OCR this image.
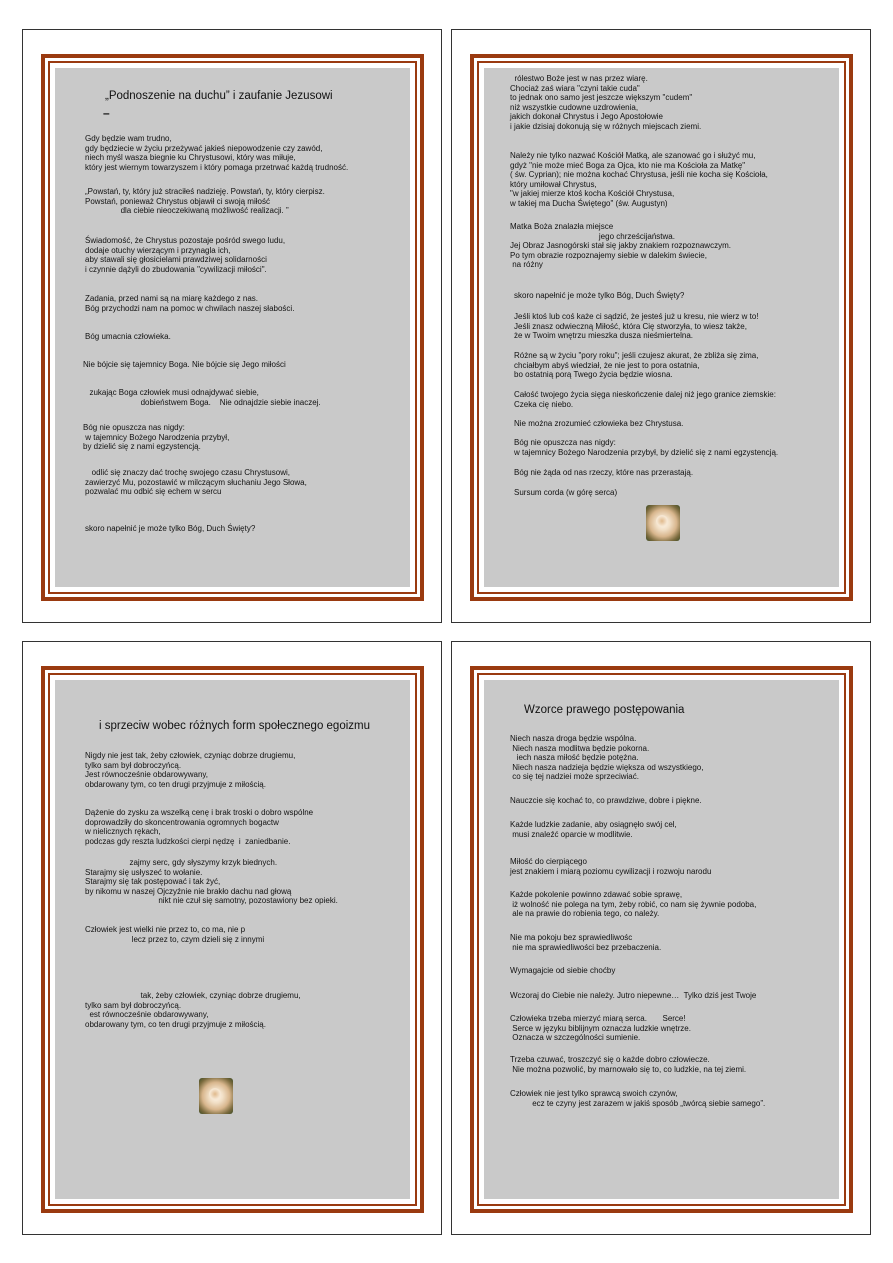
„Podnoszenie na duchu” i zaufanie Jezusowi
–
Gdy będzie wam trudno,
gdy będziecie w życiu przeżywać jakieś niepowodzenie czy zawód,
niech myśl wasza biegnie ku Chrystusowi, który was miłuje,
który jest wiernym towarzyszem i który pomaga przetrwać każdą trudność.
„Powstań, ty, który już straciłeś nadzieję. Powstań, ty, który cierpisz.
Powstań, ponieważ Chrystus objawił ci swoją miłość
dla ciebie nieoczekiwaną możliwość realizacji. ”
Świadomość, że Chrystus pozostaje pośród swego ludu,
dodaje otuchy wierzącym i przynaglа ich,
aby stawali się głosicielami prawdziwej solidarności
i czynnie dążyli do zbudowania "cywilizacji miłości".
Zadania, przed nami są na miarę każdego z nas.
Bóg przychodzi nam na pomoc w chwilach naszej słabości.
Bóg umacnia człowieka.
Nie bójcie się tajemnicy Boga. Nie bójcie się Jego miłości
zukając Boga człowiek musi odnajdywać siebie,
dobieństwem Boga.    Nie odnajdzie siebie inaczej.
Bóg nie opuszcza nas nigdy:
w tajemnicy Bożego Narodzenia przybył,
by dzielić się z nami egzystencją.
odlić się znaczy dać trochę swojego czasu Chrystusowi,
zawierzyć Mu, pozostawić w milczącym słuchaniu Jego Słowa,
pozwalać mu odbić się echem w sercu
skoro napełnić je może tylko Bóg, Duch Święty?
rólestwo Boże jest w nas przez wiarę.
Chociaż zaś wiara "czyni takie cuda"
to jednak ono samo jest jeszcze większym "cudem"
niż wszystkie cudowne uzdrowienia,
jakich dokonał Chrystus i Jego Apostołowie
i jakie dzisiaj dokonują się w różnych miejscach ziemi.
Należy nie tylko nazwać Kościół Matką, ale szanować go i służyć mu,
gdyż "nie może mieć Boga za Ojca, kto nie ma Kościoła za Matkę"
( św. Cyprian); nie można kochać Chrystusa, jeśli nie kocha się Kościoła,
który umiłował Chrystus,
"w jakiej mierze ktoś kocha Kościół Chrystusa,
w takiej ma Ducha Świętego" (św. Augustyn)
Matka Boża znalazła miejsce
jego chrześcijaństwa.
Jej Obraz Jasnogórski stał się jakby znakiem rozpoznawczym.
Po tym obrazie rozpoznajemy siebie w dalekim świecie,
na różny
skoro napełnić je może tylko Bóg, Duch Święty?
Jeśli ktoś lub coś każe ci sądzić, że jesteś już u kresu, nie wierz w to!
Jeśli znasz odwieczną Miłość, która Cię stworzyła, to wiesz także,
że w Twoim wnętrzu mieszka dusza nieśmiertelna.
Różne są w życiu "pory roku"; jeśli czujesz akurat, że zbliża się zima,
chciałbym abyś wiedział, że nie jest to pora ostatnia,
bo ostatnią porą Twego życia będzie wiosna.
Całość twojego życia sięga nieskończenie dalej niż jego granice ziemskie:
Czeka cię niebo.
Nie można zrozumieć człowieka bez Chrystusa.
Bóg nie opuszcza nas nigdy:
w tajemnicy Bożego Narodzenia przybył, by dzielić się z nami egzystencją.
Bóg nie żąda od nas rzeczy, które nas przerastają.
Sursum corda (w górę serca)
i sprzeciw wobec różnych form społecznego egoizmu
Nigdy nie jest tak, żeby człowiek, czyniąc dobrze drugiemu,
tylko sam był dobroczyńcą.
Jest równocześnie obdarowywany,
obdarowany tym, co ten drugi przyjmuje z miłością.
Dążenie do zysku za wszelką cenę i brak troski o dobro wspólne
doprowadziły do skoncentrowania ogromnych bogactw
w nielicznych rękach,
podczas gdy reszta ludzkości cierpi nędzę  i  zaniedbanie.
zajmy serc, gdy słyszymy krzyk biednych.
Starajmy się usłyszeć to wołanie.
Starajmy się tak postępować i tak żyć,
by nikomu w naszej Ojczyźnie nie brakło dachu nad głową
nikt nie czuł się samotny, pozostawiony bez opieki.
Człowiek jest wielki nie przez to, co ma, nie p
lecz przez to, czym dzieli się z innymi
tak, żeby człowiek, czyniąc dobrze drugiemu,
tylko sam był dobroczyńcą.
est równocześnie obdarowywany,
obdarowany tym, co ten drugi przyjmuje z miłością.
Wzorce prawego postępowania
Niech nasza droga będzie wspólna.
Niech nasza modlitwa będzie pokorna.
iech nasza miłość będzie potężna.
Niech nasza nadzieja będzie większa od wszystkiego,
co się tej nadziei może sprzeciwiać.
Nauczcie się kochać to, co prawdziwe, dobre i piękne.
Każde ludzkie zadanie, aby osiągnęło swój cel,
musi znaleźć oparcie w modlitwie.
Miłość do cierpiącego
jest znakiem i miarą poziomu cywilizacji i rozwoju narodu
Każde pokolenie powinno zdawać sobie sprawę,
iż wolność nie polega na tym, żeby robić, co nam się żywnie podoba,
ale na prawie do robienia tego, co należy.
Nie ma pokoju bez sprawiedliwośc
nie ma sprawiedliwości bez przebaczenia.
Wymagajcie od siebie choćby
Wczoraj do Ciebie nie należy. Jutro niepewne…  Tylko dziś jest Twoje
Człowieka trzeba mierzyć miarą serca.       Serce!
Serce w języku biblijnym oznacza ludzkie wnętrze.
Oznacza w szczególności sumienie.
Trzeba czuwać, troszczyć się o każde dobro człowiecze.
Nie można pozwolić, by marnowało się to, co ludzkie, na tej ziemi.
Człowiek nie jest tylko sprawcą swoich czynów,
ecz te czyny jest zarazem w jakiś sposób „twórcą siebie samego”.
